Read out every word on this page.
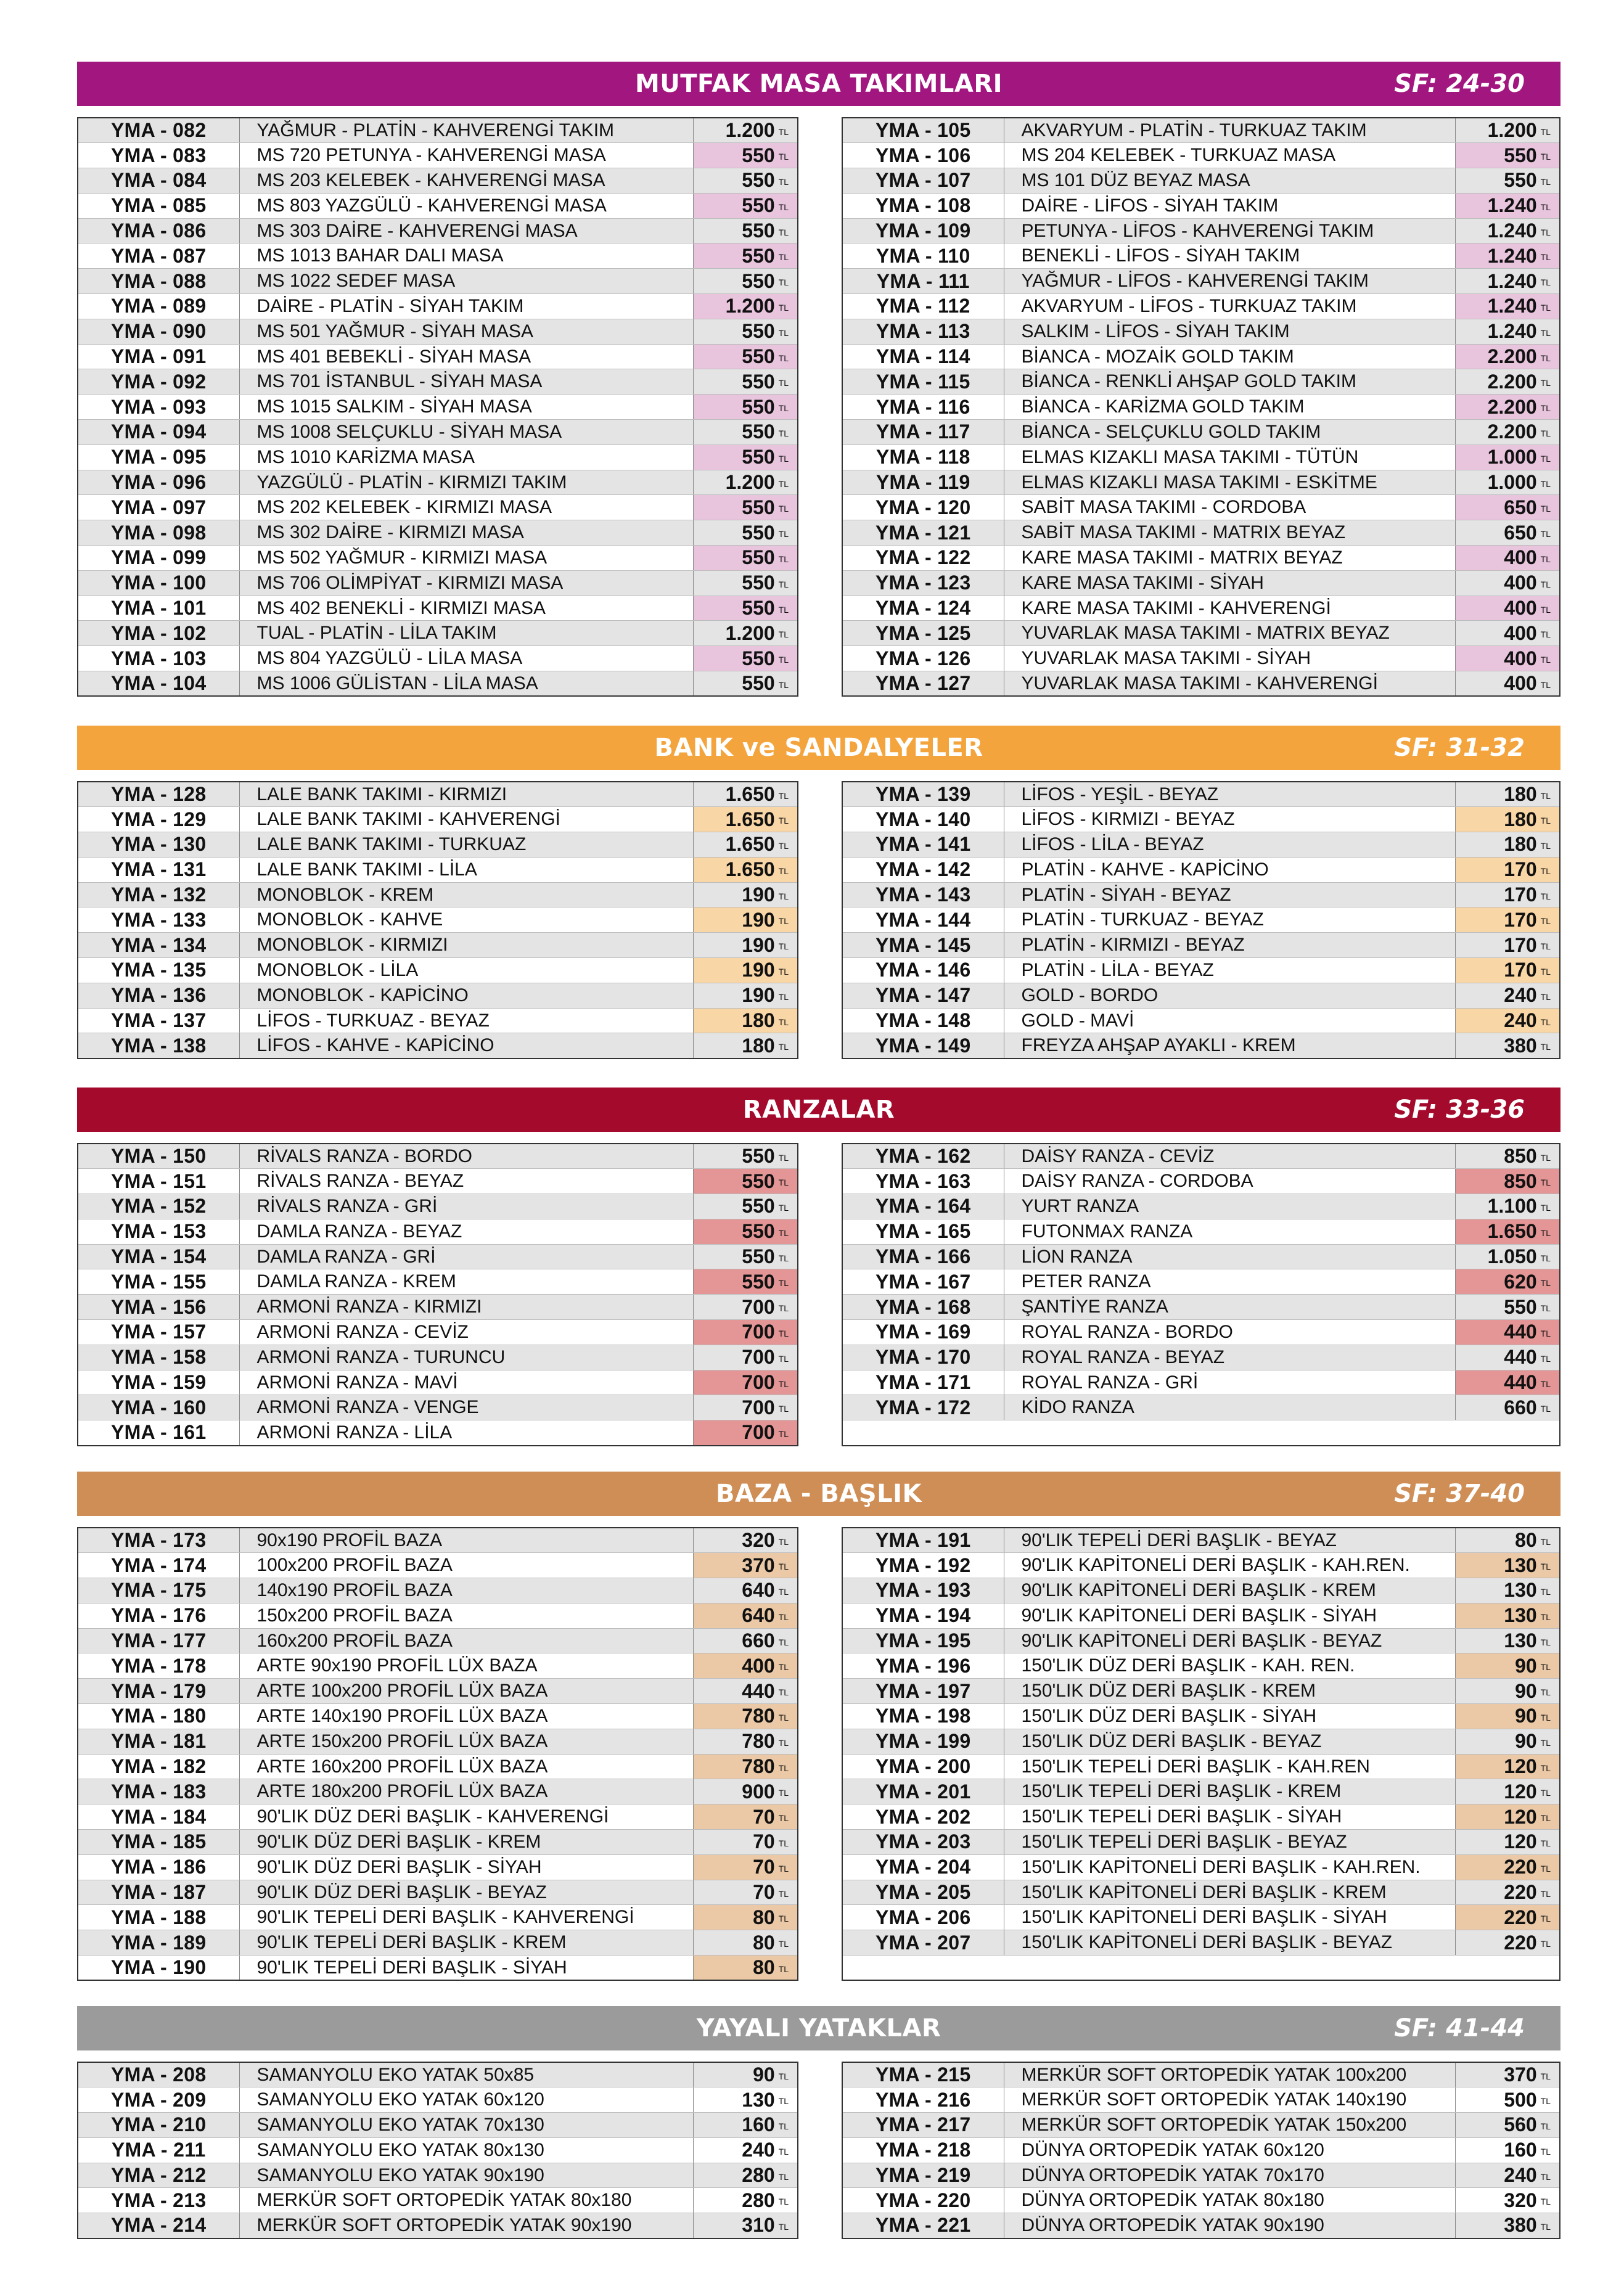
MUTFAK MASA TAKIMLARI	SF: 24-30
YMA - 082	YAĞMUR - PLATİN - KAHVERENGİ TAKIM	1.200 TL
YMA - 083	MS 720 PETUNYA - KAHVERENGİ MASA	550 TL
YMA - 084	MS 203 KELEBEK - KAHVERENGİ MASA	550 TL
YMA - 085	MS 803 YAZGÜLÜ - KAHVERENGİ MASA	550 TL
YMA - 086	MS 303 DAİRE - KAHVERENGİ MASA	550 TL
YMA - 087	MS 1013 BAHAR DALI MASA	550 TL
YMA - 088	MS 1022 SEDEF MASA	550 TL
YMA - 089	DAİRE - PLATİN - SİYAH TAKIM	1.200 TL
YMA - 090	MS 501 YAĞMUR - SİYAH MASA	550 TL
YMA - 091	MS 401 BEBEKLİ - SİYAH MASA	550 TL
YMA - 092	MS 701 İSTANBUL - SİYAH MASA	550 TL
YMA - 093	MS 1015 SALKIM - SİYAH MASA	550 TL
YMA - 094	MS 1008 SELÇUKLU - SİYAH MASA	550 TL
YMA - 095	MS 1010 KARİZMA MASA	550 TL
YMA - 096	YAZGÜLÜ - PLATİN - KIRMIZI TAKIM	1.200 TL
YMA - 097	MS 202 KELEBEK - KIRMIZI MASA	550 TL
YMA - 098	MS 302 DAİRE - KIRMIZI MASA	550 TL
YMA - 099	MS 502 YAĞMUR - KIRMIZI MASA	550 TL
YMA - 100	MS 706 OLİMPİYAT - KIRMIZI MASA	550 TL
YMA - 101	MS 402 BENEKLİ - KIRMIZI MASA	550 TL
YMA - 102	TUAL - PLATİN - LİLA TAKIM	1.200 TL
YMA - 103	MS 804 YAZGÜLÜ - LİLA MASA	550 TL
YMA - 104	MS 1006 GÜLİSTAN - LİLA MASA	550 TL
YMA - 105	AKVARYUM - PLATİN - TURKUAZ TAKIM	1.200 TL
YMA - 106	MS 204 KELEBEK - TURKUAZ MASA	550 TL
YMA - 107	MS 101 DÜZ BEYAZ MASA	550 TL
YMA - 108	DAİRE - LİFOS - SİYAH TAKIM	1.240 TL
YMA - 109	PETUNYA - LİFOS - KAHVERENGİ TAKIM	1.240 TL
YMA - 110	BENEKLİ - LİFOS - SİYAH TAKIM	1.240 TL
YMA - 111	YAĞMUR - LİFOS - KAHVERENGİ TAKIM	1.240 TL
YMA - 112	AKVARYUM - LİFOS - TURKUAZ TAKIM	1.240 TL
YMA - 113	SALKIM - LİFOS - SİYAH TAKIM	1.240 TL
YMA - 114	BİANCA - MOZAİK GOLD TAKIM	2.200 TL
YMA - 115	BİANCA - RENKLİ AHŞAP GOLD TAKIM	2.200 TL
YMA - 116	BİANCA - KARİZMA GOLD TAKIM	2.200 TL
YMA - 117	BİANCA - SELÇUKLU GOLD TAKIM	2.200 TL
YMA - 118	ELMAS KIZAKLI MASA TAKIMI - TÜTÜN	1.000 TL
YMA - 119	ELMAS KIZAKLI MASA TAKIMI - ESKİTME	1.000 TL
YMA - 120	SABİT MASA TAKIMI - CORDOBA	650 TL
YMA - 121	SABİT MASA TAKIMI - MATRIX BEYAZ	650 TL
YMA - 122	KARE MASA TAKIMI - MATRIX BEYAZ	400 TL
YMA - 123	KARE MASA TAKIMI - SİYAH	400 TL
YMA - 124	KARE MASA TAKIMI - KAHVERENGİ	400 TL
YMA - 125	YUVARLAK MASA TAKIMI - MATRIX BEYAZ	400 TL
YMA - 126	YUVARLAK MASA TAKIMI - SİYAH	400 TL
YMA - 127	YUVARLAK MASA TAKIMI - KAHVERENGİ	400 TL
BANK ve SANDALYELER	SF: 31-32
YMA - 128	LALE BANK TAKIMI - KIRMIZI	1.650 TL
YMA - 129	LALE BANK TAKIMI - KAHVERENGİ	1.650 TL
YMA - 130	LALE BANK TAKIMI - TURKUAZ	1.650 TL
YMA - 131	LALE BANK TAKIMI - LİLA	1.650 TL
YMA - 132	MONOBLOK - KREM	190 TL
YMA - 133	MONOBLOK - KAHVE	190 TL
YMA - 134	MONOBLOK - KIRMIZI	190 TL
YMA - 135	MONOBLOK - LİLA	190 TL
YMA - 136	MONOBLOK - KAPİCİNO	190 TL
YMA - 137	LİFOS - TURKUAZ - BEYAZ	180 TL
YMA - 138	LİFOS - KAHVE - KAPİCİNO	180 TL
YMA - 139	LİFOS - YEŞİL - BEYAZ	180 TL
YMA - 140	LİFOS - KIRMIZI - BEYAZ	180 TL
YMA - 141	LİFOS - LİLA - BEYAZ	180 TL
YMA - 142	PLATİN - KAHVE - KAPİCİNO	170 TL
YMA - 143	PLATİN - SİYAH - BEYAZ	170 TL
YMA - 144	PLATİN - TURKUAZ - BEYAZ	170 TL
YMA - 145	PLATİN - KIRMIZI - BEYAZ	170 TL
YMA - 146	PLATİN - LİLA - BEYAZ	170 TL
YMA - 147	GOLD - BORDO	240 TL
YMA - 148	GOLD - MAVİ	240 TL
YMA - 149	FREYZA AHŞAP AYAKLI - KREM	380 TL
RANZALAR	SF: 33-36
YMA - 150	RİVALS RANZA - BORDO	550 TL
YMA - 151	RİVALS RANZA - BEYAZ	550 TL
YMA - 152	RİVALS RANZA - GRİ	550 TL
YMA - 153	DAMLA RANZA - BEYAZ	550 TL
YMA - 154	DAMLA RANZA - GRİ	550 TL
YMA - 155	DAMLA RANZA - KREM	550 TL
YMA - 156	ARMONİ RANZA - KIRMIZI	700 TL
YMA - 157	ARMONİ RANZA - CEVİZ	700 TL
YMA - 158	ARMONİ RANZA - TURUNCU	700 TL
YMA - 159	ARMONİ RANZA - MAVİ	700 TL
YMA - 160	ARMONİ RANZA - VENGE	700 TL
YMA - 161	ARMONİ RANZA - LİLA	700 TL
YMA - 162	DAİSY RANZA - CEVİZ	850 TL
YMA - 163	DAİSY RANZA - CORDOBA	850 TL
YMA - 164	YURT RANZA	1.100 TL
YMA - 165	FUTONMAX RANZA	1.650 TL
YMA - 166	LİON RANZA	1.050 TL
YMA - 167	PETER RANZA	620 TL
YMA - 168	ŞANTİYE RANZA	550 TL
YMA - 169	ROYAL RANZA - BORDO	440 TL
YMA - 170	ROYAL RANZA - BEYAZ	440 TL
YMA - 171	ROYAL RANZA - GRİ	440 TL
YMA - 172	KİDO RANZA	660 TL

BAZA - BAŞLIK	SF: 37-40
YMA - 173	90x190 PROFİL BAZA	320 TL
YMA - 174	100x200 PROFİL BAZA	370 TL
YMA - 175	140x190 PROFİL BAZA	640 TL
YMA - 176	150x200 PROFİL BAZA	640 TL
YMA - 177	160x200 PROFİL BAZA	660 TL
YMA - 178	ARTE 90x190 PROFİL LÜX BAZA	400 TL
YMA - 179	ARTE 100x200 PROFİL LÜX BAZA	440 TL
YMA - 180	ARTE 140x190 PROFİL LÜX BAZA	780 TL
YMA - 181	ARTE 150x200 PROFİL LÜX BAZA	780 TL
YMA - 182	ARTE 160x200 PROFİL LÜX BAZA	780 TL
YMA - 183	ARTE 180x200 PROFİL LÜX BAZA	900 TL
YMA - 184	90'LIK DÜZ DERİ BAŞLIK - KAHVERENGİ	70 TL
YMA - 185	90'LIK DÜZ DERİ BAŞLIK - KREM	70 TL
YMA - 186	90'LIK DÜZ DERİ BAŞLIK - SİYAH	70 TL
YMA - 187	90'LIK DÜZ DERİ BAŞLIK - BEYAZ	70 TL
YMA - 188	90'LIK TEPELİ DERİ BAŞLIK - KAHVERENGİ	80 TL
YMA - 189	90'LIK TEPELİ DERİ BAŞLIK - KREM	80 TL
YMA - 190	90'LIK TEPELİ DERİ BAŞLIK - SİYAH	80 TL
YMA - 191	90'LIK TEPELİ DERİ BAŞLIK - BEYAZ	80 TL
YMA - 192	90'LIK KAPİTONELİ DERİ BAŞLIK - KAH.REN.	130 TL
YMA - 193	90'LIK KAPİTONELİ DERİ BAŞLIK - KREM	130 TL
YMA - 194	90'LIK KAPİTONELİ DERİ BAŞLIK - SİYAH	130 TL
YMA - 195	90'LIK KAPİTONELİ DERİ BAŞLIK - BEYAZ	130 TL
YMA - 196	150'LIK DÜZ DERİ BAŞLIK - KAH. REN.	90 TL
YMA - 197	150'LIK DÜZ DERİ BAŞLIK - KREM	90 TL
YMA - 198	150'LIK DÜZ DERİ BAŞLIK - SİYAH	90 TL
YMA - 199	150'LIK DÜZ DERİ BAŞLIK - BEYAZ	90 TL
YMA - 200	150'LIK TEPELİ DERİ BAŞLIK - KAH.REN	120 TL
YMA - 201	150'LIK TEPELİ DERİ BAŞLIK - KREM	120 TL
YMA - 202	150'LIK TEPELİ DERİ BAŞLIK - SİYAH	120 TL
YMA - 203	150'LIK TEPELİ DERİ BAŞLIK - BEYAZ	120 TL
YMA - 204	150'LIK KAPİTONELİ DERİ BAŞLIK - KAH.REN.	220 TL
YMA - 205	150'LIK KAPİTONELİ DERİ BAŞLIK - KREM	220 TL
YMA - 206	150'LIK KAPİTONELİ DERİ BAŞLIK - SİYAH	220 TL
YMA - 207	150'LIK KAPİTONELİ DERİ BAŞLIK - BEYAZ	220 TL

YAYALI YATAKLAR	SF: 41-44
YMA - 208	SAMANYOLU EKO YATAK 50x85	90 TL
YMA - 209	SAMANYOLU EKO YATAK 60x120	130 TL
YMA - 210	SAMANYOLU EKO YATAK 70x130	160 TL
YMA - 211	SAMANYOLU EKO YATAK 80x130	240 TL
YMA - 212	SAMANYOLU EKO YATAK 90x190	280 TL
YMA - 213	MERKÜR SOFT ORTOPEDİK YATAK 80x180	280 TL
YMA - 214	MERKÜR SOFT ORTOPEDİK YATAK 90x190	310 TL
YMA - 215	MERKÜR SOFT ORTOPEDİK YATAK 100x200	370 TL
YMA - 216	MERKÜR SOFT ORTOPEDİK YATAK 140x190	500 TL
YMA - 217	MERKÜR SOFT ORTOPEDİK YATAK 150x200	560 TL
YMA - 218	DÜNYA ORTOPEDİK YATAK 60x120	160 TL
YMA - 219	DÜNYA ORTOPEDİK YATAK 70x170	240 TL
YMA - 220	DÜNYA ORTOPEDİK YATAK 80x180	320 TL
YMA - 221	DÜNYA ORTOPEDİK YATAK 90x190	380 TL
